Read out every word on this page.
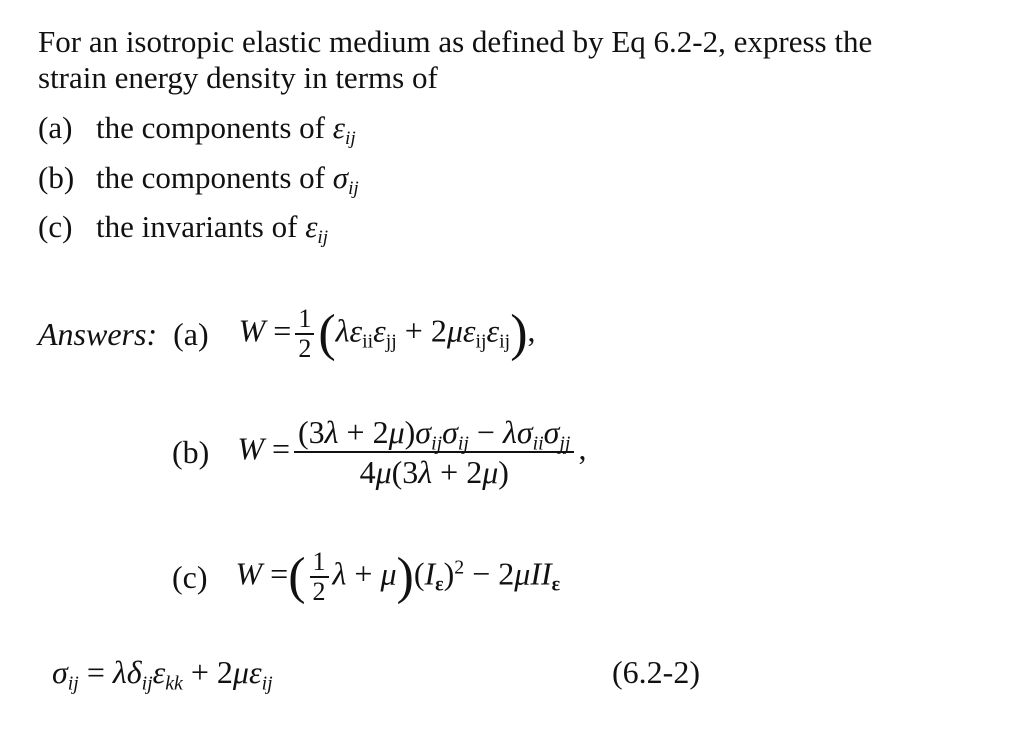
For an isotropic elastic medium as defined by Eq 6.2-2, express the
strain energy density in terms of
(a) the components of $\varepsilon_{ij}$
(b) the components of $\sigma_{ij}$
(c) the invariants of $\varepsilon_{ij}$
Answers: (a) $W = \frac{1}{2} (\lambda\varepsilon_{ii}\varepsilon_{jj} + 2\mu\varepsilon_{ij}\varepsilon_{ij})$,
(b) $W = \frac{(3\lambda + 2\mu)\sigma_{ij}\sigma_{ij} - \lambda\sigma_{ii}\sigma_{jj}}{4\mu(3\lambda + 2\mu)}$ ,
(c) W =( $\frac{1}{2}$ $\lambda + \mu)(I_\varepsilon)^2 - 2\mu II_\varepsilon$
$\sigma_{ij} = \lambda\delta_{ij}\varepsilon_{kk} + 2\mu\varepsilon_{ij}$	(6.2-2)
